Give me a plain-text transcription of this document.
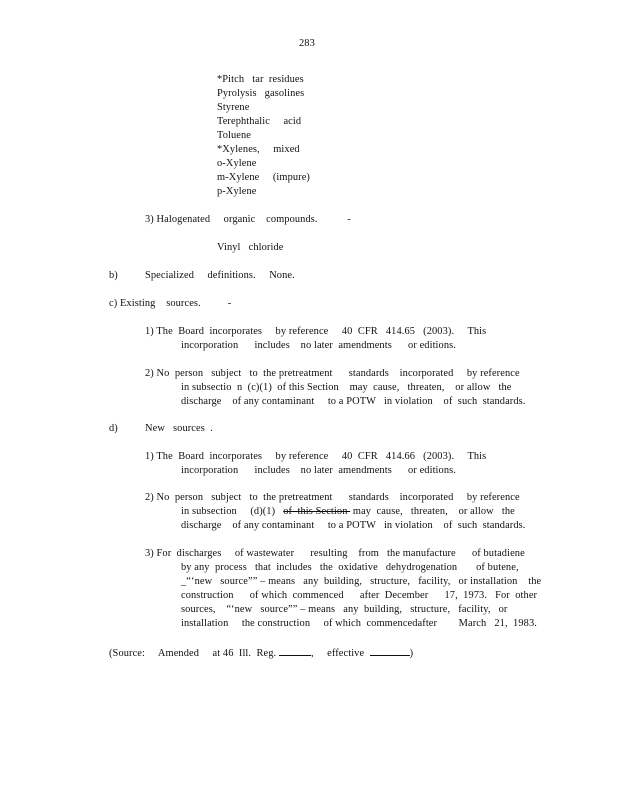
283
*Pitch   tar  residues
Pyrolysis   gasolines
Styrene
Terephthalic     acid
Toluene
*Xylenes,     mixed
o-Xylene
m-Xylene     (impure)
p-Xylene
3) Halogenated     organic    compounds.           -
Vinyl   chloride
b)	Specialized     definitions.     None.
c) Existing    sources.          -
1) The  Board  incorporates     by reference     40  CFR   414.65   (2003).     This
incorporation      includes    no later  amendments      or editions.
2) No  person   subject   to  the pretreatment      standards    incorporated     by reference
in subsectio  n  (c)(1)  of this Section    may  cause,   threaten,    or allow   the
discharge    of any contaminant     to a POTW   in violation    of  such  standards.
d)	New   sources  .
1) The  Board  incorporates     by reference     40  CFR   414.66   (2003).     This
incorporation      includes    no later  amendments      or editions.
2) No  person   subject   to  the pretreatment      standards    incorporated     by reference
in subsection     (d)(1)   of  this Section  may  cause,   threaten,    or allow   the
discharge    of any contaminant     to a POTW   in violation    of  such  standards.
3) For  discharges     of wastewater      resulting    from   the manufacture      of butadiene
by any  process   that  includes   the  oxidative   dehydrogenation       of butene,
_“‘new   source”” – means   any  building,   structure,   facility,   or installation    the
construction      of which  commenced      after  December      17,  1973.   For  other
sources,    “‘new   source”” – means   any  building,   structure,   facility,   or
installation     the construction     of which  commencedafter        March   21,  1983.
(Source:     Amended     at 46  Ill.  Reg.	,     effective	)
